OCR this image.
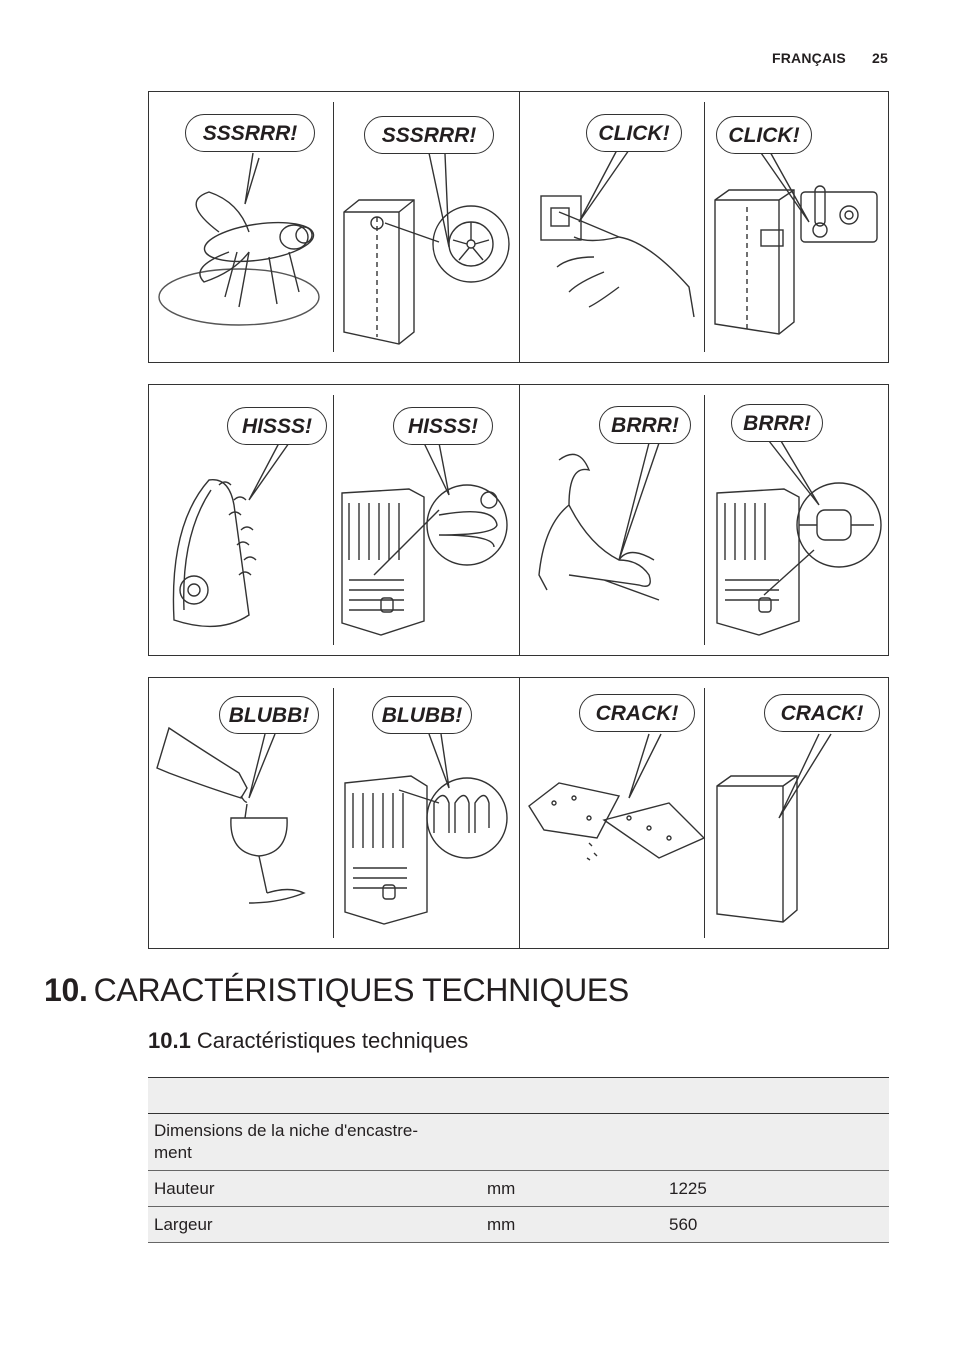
FRANÇAIS 25
SSSRRR!	SSSRRR!	CLICK!	CLICK!
HISSS!	HISSS!	BRRR!	BRRR!
BLUBB!	BLUBB!	CRACK!	CRACK!
10. CARACTÉRISTIQUES TECHNIQUES
10.1 Caractéristiques techniques

Dimensions de la niche d'encastre-ment		

Hauteur	mm	1225
Largeur	mm	560
